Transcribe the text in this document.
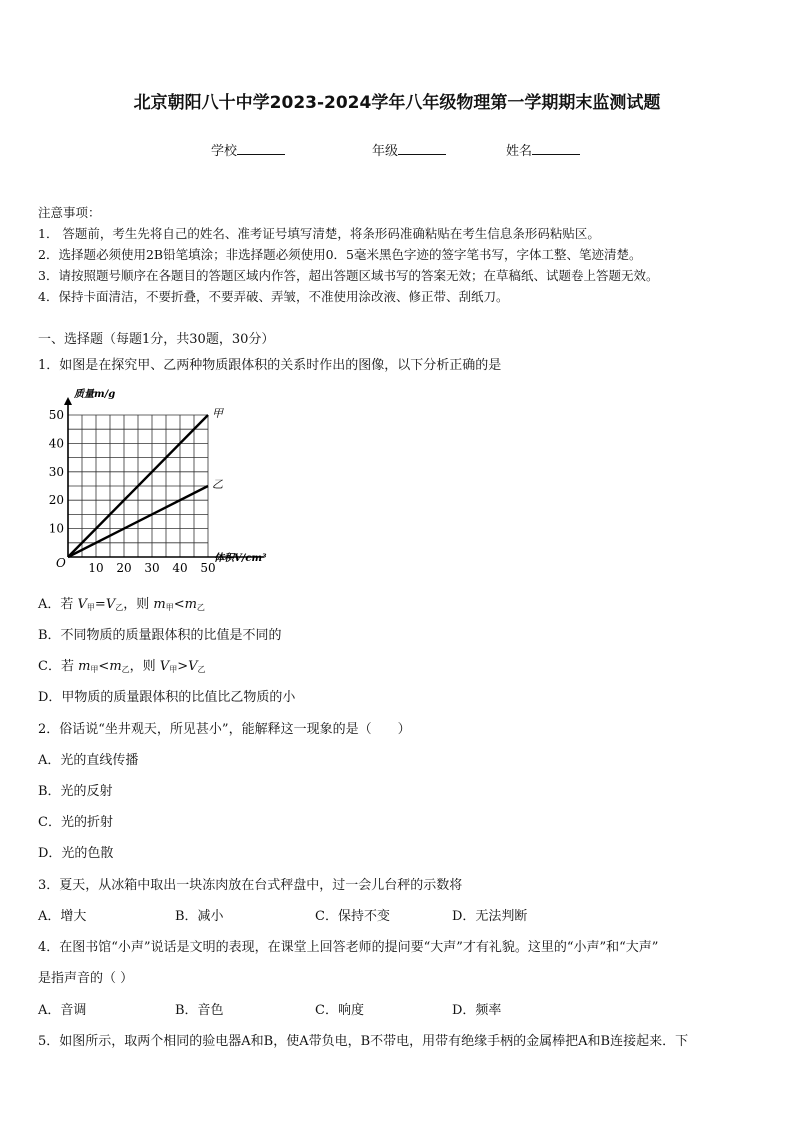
北京朝阳八十中学2023-2024学年八年级物理第一学期期末监测试题
学校	年级	姓名
注意事项：
1． 答题前，考生先将自己的姓名、准考证号填写清楚，将条形码准确粘贴在考生信息条形码粘贴区。
2．选择题必须使用2B铅笔填涂；非选择题必须使用0．5毫米黑色字迹的签字笔书写，字体工整、笔迹清楚。
3．请按照题号顺序在各题目的答题区域内作答，超出答题区域书写的答案无效；在草稿纸、试题卷上答题无效。
4．保持卡面清洁，不要折叠，不要弄破、弄皱，不准使用涂改液、修正带、刮纸刀。
一、选择题（每题1分，共30题，30分）
1．如图是在探究甲、乙两种物质跟体积的关系时作出的图像，以下分析正确的是
甲
乙
10 20 30 40 50
10
20
30
40
50
O
质量m/g
体积V/cm³
A．若 $V_甲=V_乙$，则 $m_甲<m_乙$
B．不同物质的质量跟体积的比值是不同的
C．若 $m_甲<m_乙$，则 $V_甲>V_乙$
D．甲物质的质量跟体积的比值比乙物质的小
2．俗话说“坐井观天，所见甚小”，能解释这一现象的是（　　）
A．光的直线传播
B．光的反射
C．光的折射
D．光的色散
3．夏天，从冰箱中取出一块冻肉放在台式秤盘中，过一会儿台秤的示数将
A．增大	B．减小	C．保持不变	D．无法判断
4．在图书馆“小声”说话是文明的表现，在课堂上回答老师的提问要“大声”才有礼貌。这里的“小声”和“大声”
是指声音的（ ）
A．音调	B．音色	C．响度	D．频率
5．如图所示，取两个相同的验电器A和B，使A带负电，B不带电，用带有绝缘手柄的金属棒把A和B连接起来．下
